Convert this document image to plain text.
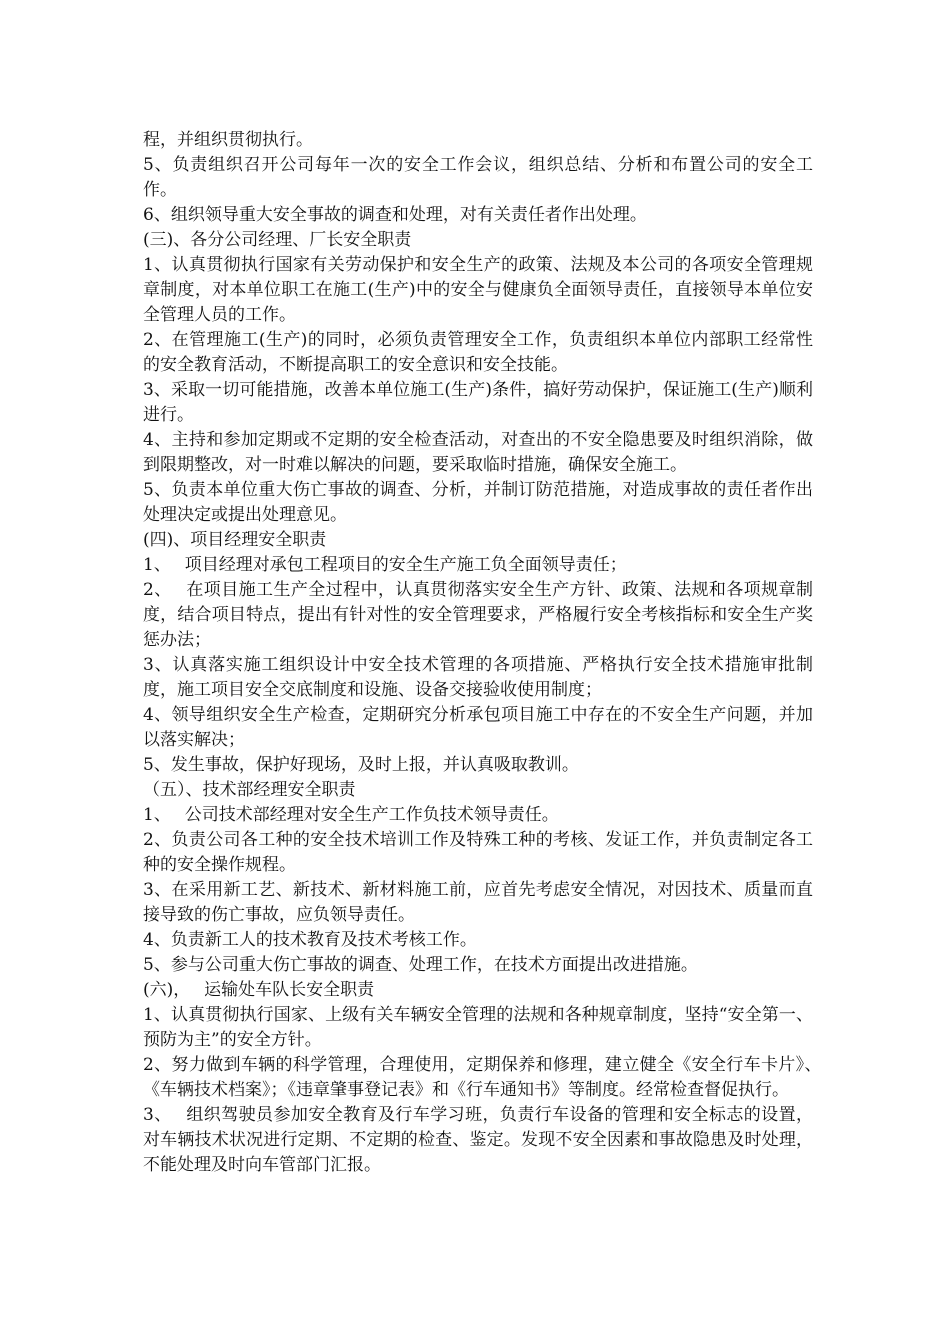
程，并组织贯彻执行。

5、负责组织召开公司每年一次的安全工作会议，组织总结、分析和布置公司的安全工作。

6、组织领导重大安全事故的调查和处理，对有关责任者作出处理。

(三)、各分公司经理、厂长安全职责

1、认真贯彻执行国家有关劳动保护和安全生产的政策、法规及本公司的各项安全管理规章制度，对本单位职工在施工(生产)中的安全与健康负全面领导责任，直接领导本单位安全管理人员的工作。

2、在管理施工(生产)的同时，必须负责管理安全工作，负责组织本单位内部职工经常性的安全教育活动，不断提高职工的安全意识和安全技能。

3、采取一切可能措施，改善本单位施工(生产)条件，搞好劳动保护，保证施工(生产)顺利进行。

4、主持和参加定期或不定期的安全检查活动，对查出的不安全隐患要及时组织消除，做到限期整改，对一时难以解决的问题，要采取临时措施，确保安全施工。

5、负责本单位重大伤亡事故的调查、分析，并制订防范措施，对造成事故的责任者作出处理决定或提出处理意见。

(四)、项目经理安全职责

1、　 项目经理对承包工程项目的安全生产施工负全面领导责任；

2、　 在项目施工生产全过程中，认真贯彻落实安全生产方针、政策、法规和各项规章制度，结合项目特点，提出有针对性的安全管理要求，严格履行安全考核指标和安全生产奖惩办法；

3、认真落实施工组织设计中安全技术管理的各项措施、严格执行安全技术措施审批制度，施工项目安全交底制度和设施、设备交接验收使用制度；

4、领导组织安全生产检查，定期研究分析承包项目施工中存在的不安全生产问题，并加以落实解决；

5、发生事故，保护好现场，及时上报，并认真吸取教训。

（五）、技术部经理安全职责

1、　 公司技术部经理对安全生产工作负技术领导责任。

2、负责公司各工种的安全技术培训工作及特殊工种的考核、发证工作，并负责制定各工种的安全操作规程。

3、在采用新工艺、新技术、新材料施工前，应首先考虑安全情况，对因技术、质量而直接导致的伤亡事故，应负领导责任。

4、负责新工人的技术教育及技术考核工作。

5、参与公司重大伤亡事故的调查、处理工作，在技术方面提出改进措施。

(六)，　 运输处车队长安全职责

1、认真贯彻执行国家、上级有关车辆安全管理的法规和各种规章制度，坚持“安全第一、预防为主”的安全方针。

2、努力做到车辆的科学管理，合理使用，定期保养和修理，建立健全《安全行车卡片》、　《车辆技术档案》；《违章肇事登记表》和《行车通知书》等制度。经常检查督促执行。

3、　 组织驾驶员参加安全教育及行车学习班，负责行车设备的管理和安全标志的设置，对车辆技术状况进行定期、不定期的检查、鉴定。发现不安全因素和事故隐患及时处理，不能处理及时向车管部门汇报。
